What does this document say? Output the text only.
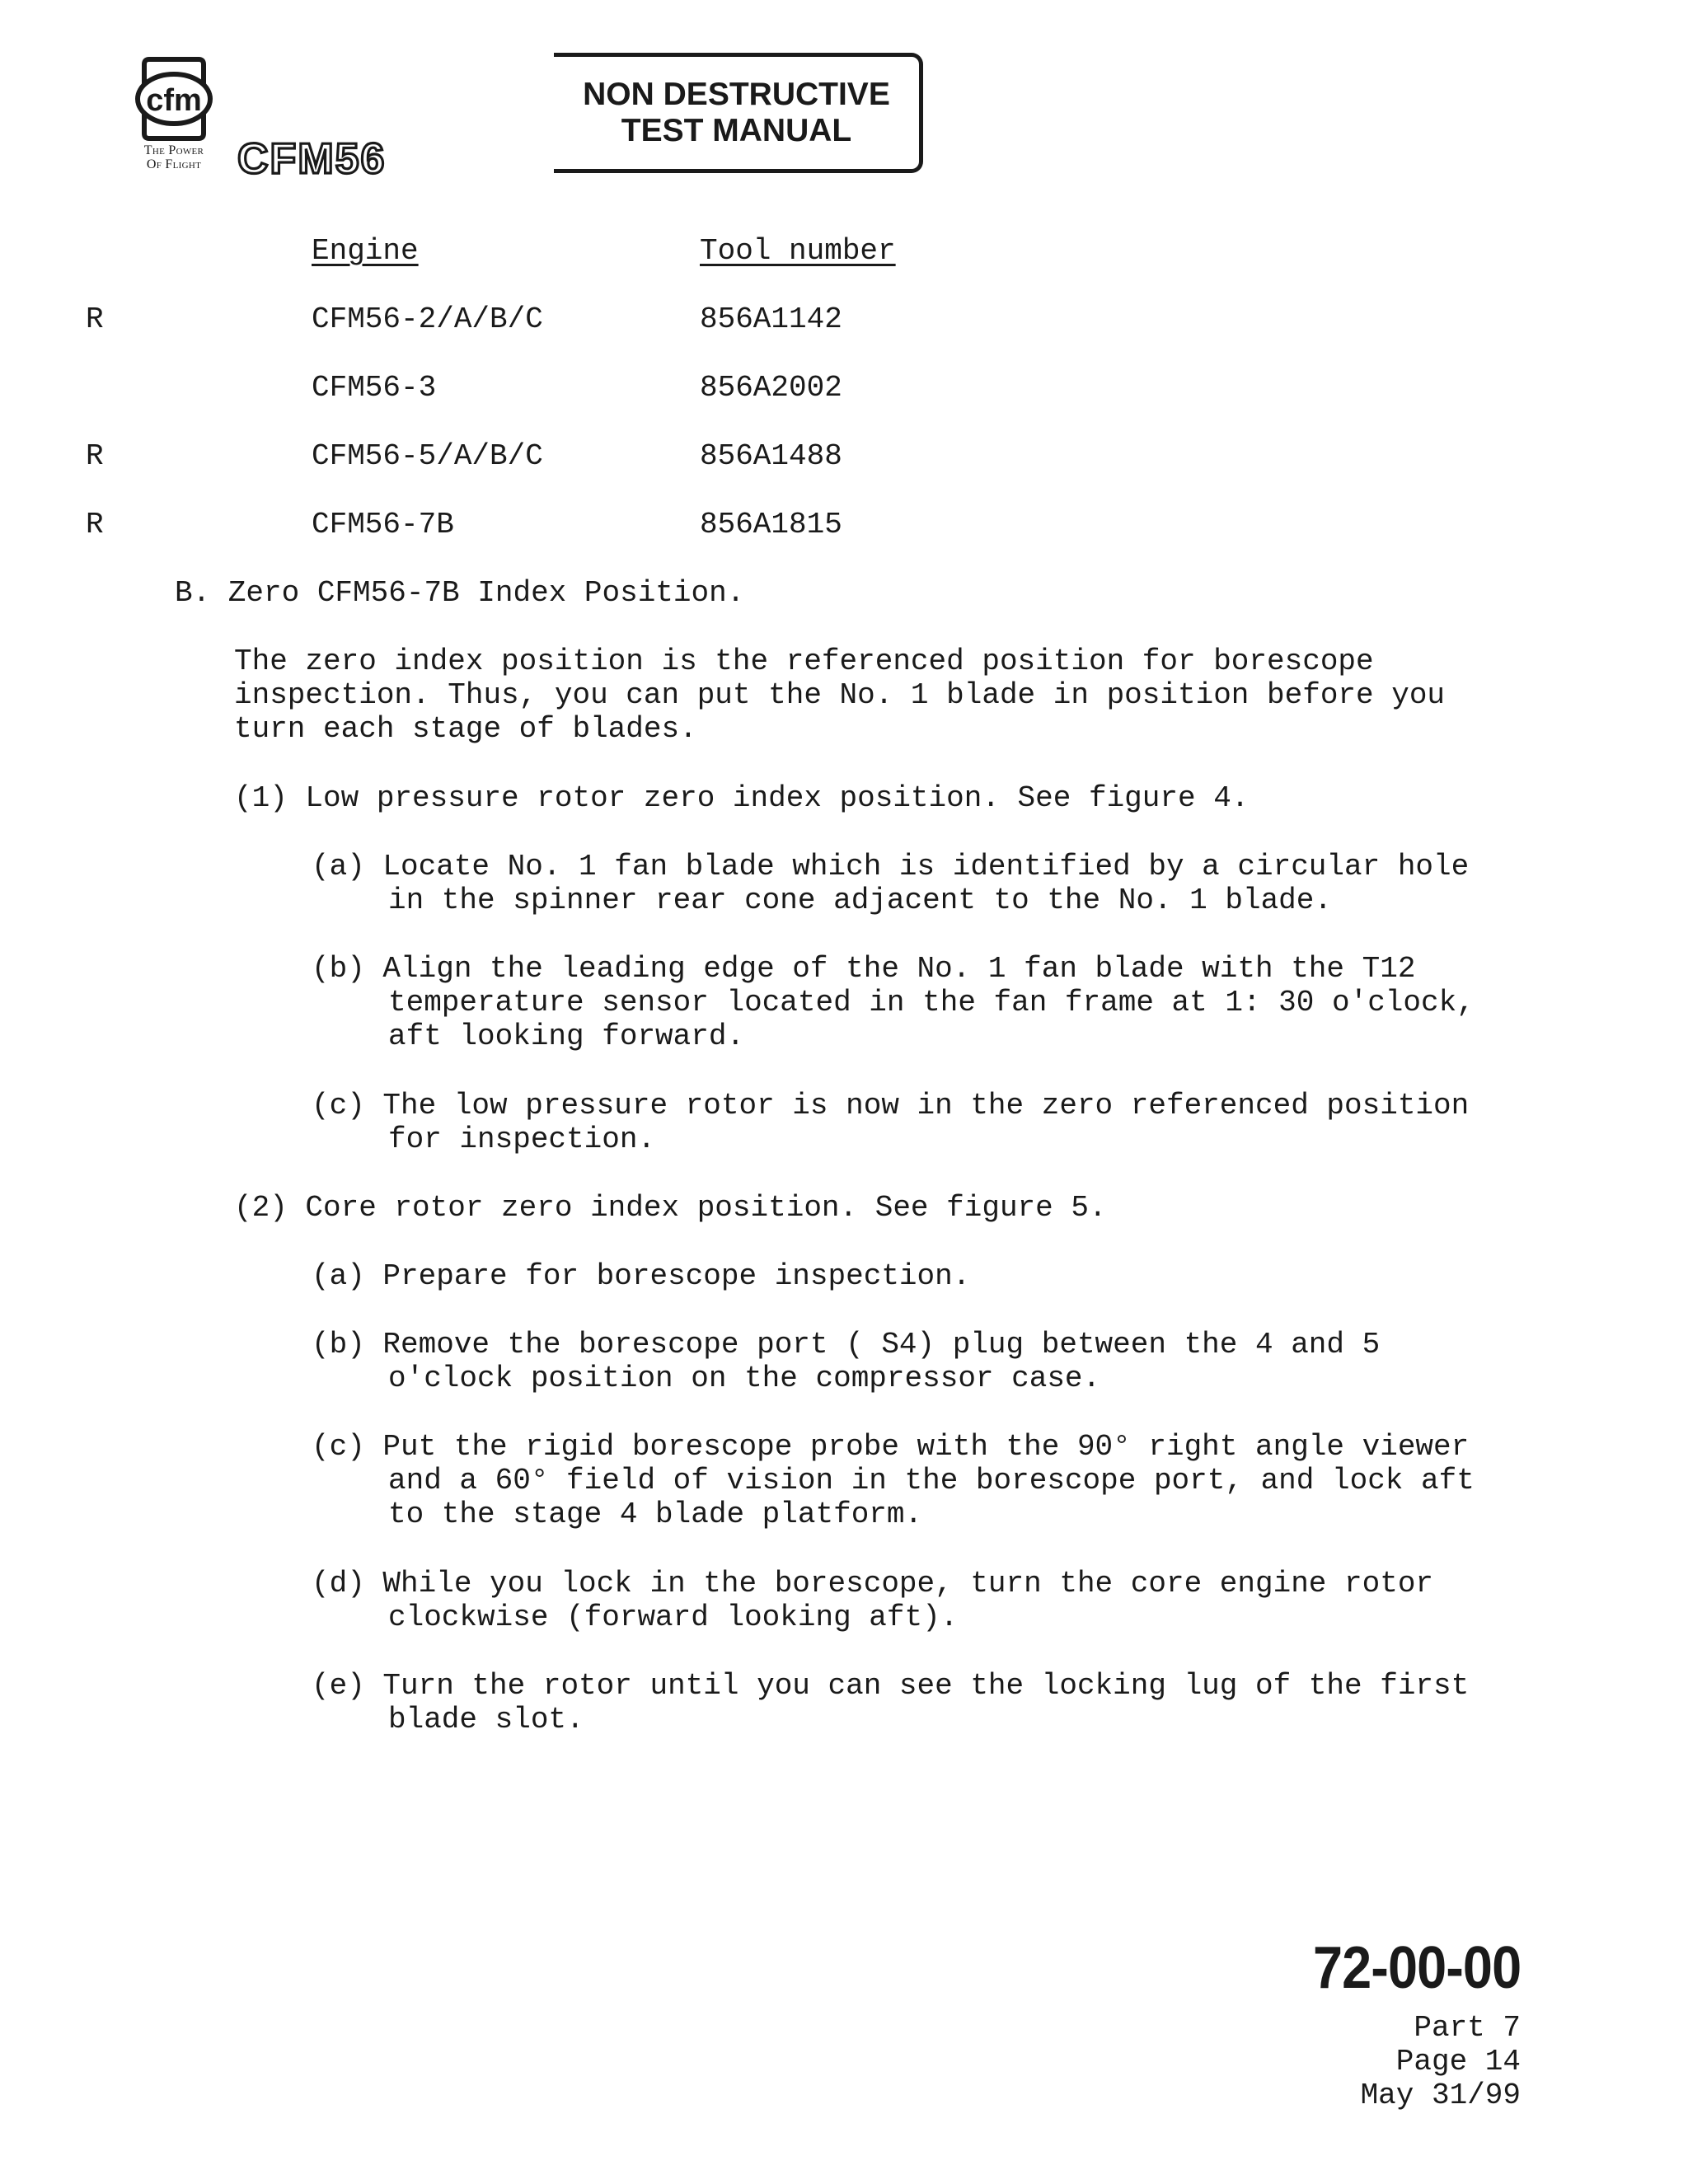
cfm
The Power
Of Flight CFM56
NON DESTRUCTIVE
TEST MANUAL
Engine	Tool number
R	CFM56-2/A/B/C	856A1142
CFM56-3	856A2002
R	CFM56-5/A/B/C	856A1488
R	CFM56-7B	856A1815
B. Zero CFM56-7B Index Position.
The zero index position is the referenced position for borescope
inspection. Thus, you can put the No. 1 blade in position before you
turn each stage of blades.
(1) Low pressure rotor zero index position. See figure 4.
(a) Locate No. 1 fan blade which is identified by a circular hole
in the spinner rear cone adjacent to the No. 1 blade.
(b) Align the leading edge of the No. 1 fan blade with the T12
temperature sensor located in the fan frame at 1: 30 o'clock,
aft looking forward.
(c) The low pressure rotor is now in the zero referenced position
for inspection.
(2) Core rotor zero index position. See figure 5.
(a) Prepare for borescope inspection.
(b) Remove the borescope port ( S4) plug between the 4 and 5
o'clock position on the compressor case.
(c) Put the rigid borescope probe with the 90° right angle viewer
and a 60° field of vision in the borescope port, and lock aft
to the stage 4 blade platform.
(d) While you lock in the borescope, turn the core engine rotor
clockwise (forward looking aft).
(e) Turn the rotor until you can see the locking lug of the first
blade slot.
72-00-00
Part 7
Page 14
May 31/99
